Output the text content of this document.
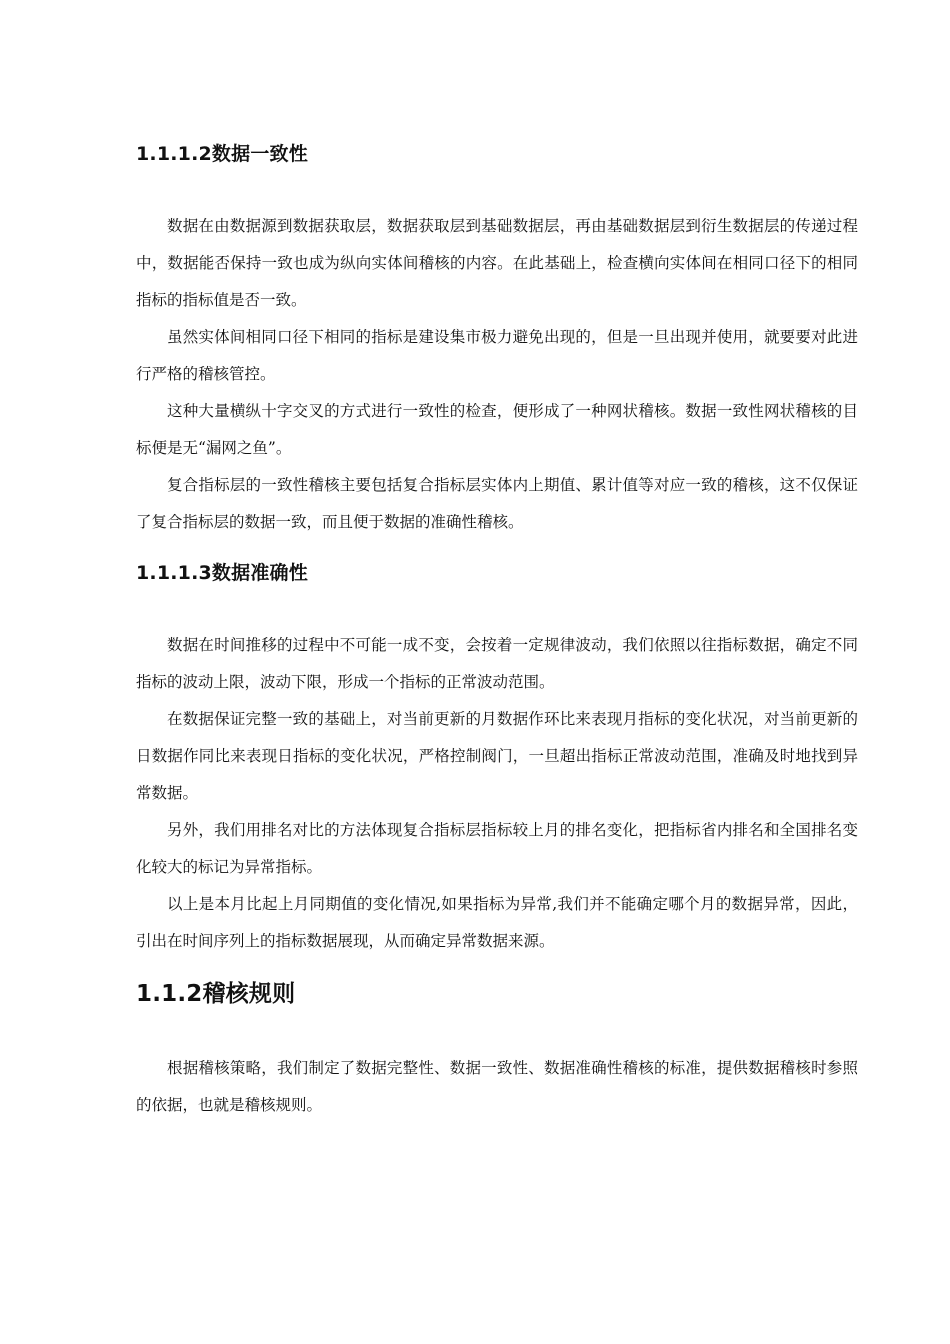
1.1.1.2数据一致性

数据在由数据源到数据获取层，数据获取层到基础数据层，再由基础数据层到衍生数据层的传递过程中，数据能否保持一致也成为纵向实体间稽核的内容。在此基础上，检查横向实体间在相同口径下的相同指标的指标值是否一致。

虽然实体间相同口径下相同的指标是建设集市极力避免出现的，但是一旦出现并使用，就要要对此进行严格的稽核管控。

这种大量横纵十字交叉的方式进行一致性的检查，便形成了一种网状稽核。数据一致性网状稽核的目标便是无“漏网之鱼”。

复合指标层的一致性稽核主要包括复合指标层实体内上期值、累计值等对应一致的稽核，这不仅保证了复合指标层的数据一致，而且便于数据的准确性稽核。

1.1.1.3数据准确性

数据在时间推移的过程中不可能一成不变，会按着一定规律波动，我们依照以往指标数据，确定不同指标的波动上限，波动下限，形成一个指标的正常波动范围。

在数据保证完整一致的基础上，对当前更新的月数据作环比来表现月指标的变化状况，对当前更新的日数据作同比来表现日指标的变化状况，严格控制阀门，一旦超出指标正常波动范围，准确及时地找到异常数据。

另外，我们用排名对比的方法体现复合指标层指标较上月的排名变化，把指标省内排名和全国排名变化较大的标记为异常指标。

以上是本月比起上月同期值的变化情况,如果指标为异常,我们并不能确定哪个月的数据异常，因此，引出在时间序列上的指标数据展现，从而确定异常数据来源。

1.1.2稽核规则

根据稽核策略，我们制定了数据完整性、数据一致性、数据准确性稽核的标准，提供数据稽核时参照的依据，也就是稽核规则。
